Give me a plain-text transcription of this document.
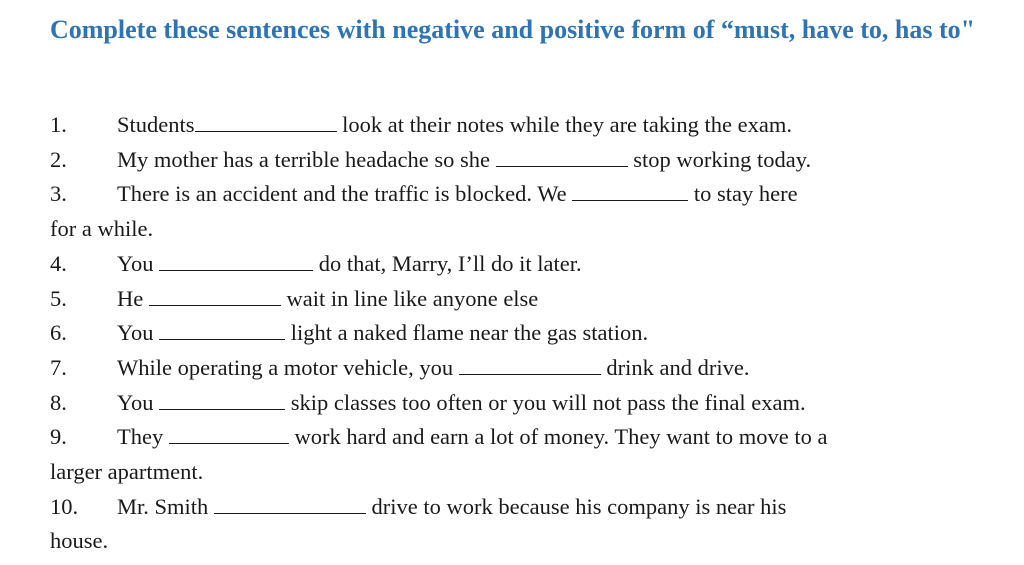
Complete these sentences with negative and positive form of “must, have to, has to"
1. Students	look at their notes while they are taking the exam.
2. My mother has a terrible headache so she	stop working today.
3. There is an accident and the traffic is blocked. We	to stay here
for a while.
4. You	do that, Marry, I’ll do it later.
5. He	wait in line like anyone else
6. You	light a naked flame near the gas station.
7. While operating a motor vehicle, you	drink and drive.
8. You	skip classes too often or you will not pass the final exam.
9. They	work hard and earn a lot of money. They want to move to a
larger apartment.
10. Mr. Smith	drive to work because his company is near his
house.
